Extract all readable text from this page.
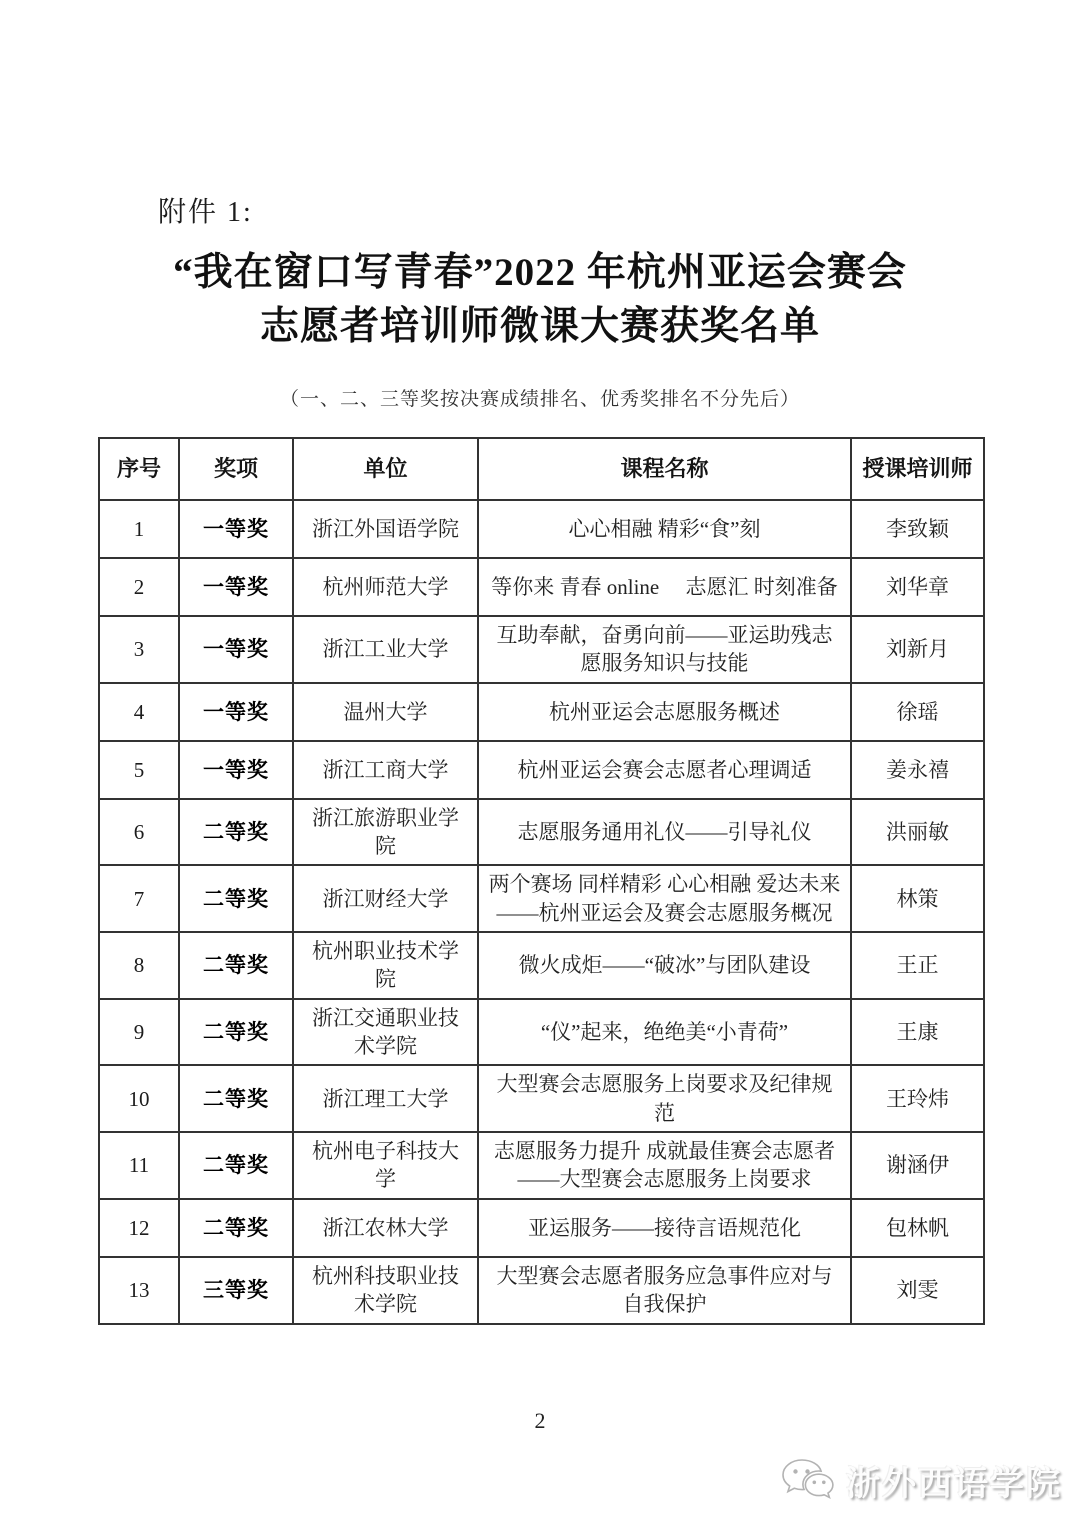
附件 1:
“我在窗口写青春”2022 年杭州亚运会赛会
志愿者培训师微课大赛获奖名单
（一、二、三等奖按决赛成绩排名、优秀奖排名不分先后）
序号	奖项	单位	课程名称	授课培训师
1	一等奖	浙江外国语学院	心心相融 精彩“食”刻	李致颖
2	一等奖	杭州师范大学	等你来 青春 online　 志愿汇 时刻准备	刘华章
3	一等奖	浙江工业大学	互助奉献，奋勇向前——亚运助残志愿服务知识与技能	刘新月
4	一等奖	温州大学	杭州亚运会志愿服务概述	徐瑶
5	一等奖	浙江工商大学	杭州亚运会赛会志愿者心理调适	姜永禧
6	二等奖	浙江旅游职业学院	志愿服务通用礼仪——引导礼仪	洪丽敏
7	二等奖	浙江财经大学	两个赛场 同样精彩 心心相融 爱达未来——杭州亚运会及赛会志愿服务概况	林策
8	二等奖	杭州职业技术学院	微火成炬——“破冰”与团队建设	王正
9	二等奖	浙江交通职业技术学院	“仪”起来，绝绝美“小青荷”	王康
10	二等奖	浙江理工大学	大型赛会志愿服务上岗要求及纪律规范	王玲炜
11	二等奖	杭州电子科技大学	志愿服务力提升 成就最佳赛会志愿者——大型赛会志愿服务上岗要求	谢涵伊
12	二等奖	浙江农林大学	亚运服务——接待言语规范化	包林帆
13	三等奖	杭州科技职业技术学院	大型赛会志愿者服务应急事件应对与自我保护	刘雯
2
浙外西语学院
